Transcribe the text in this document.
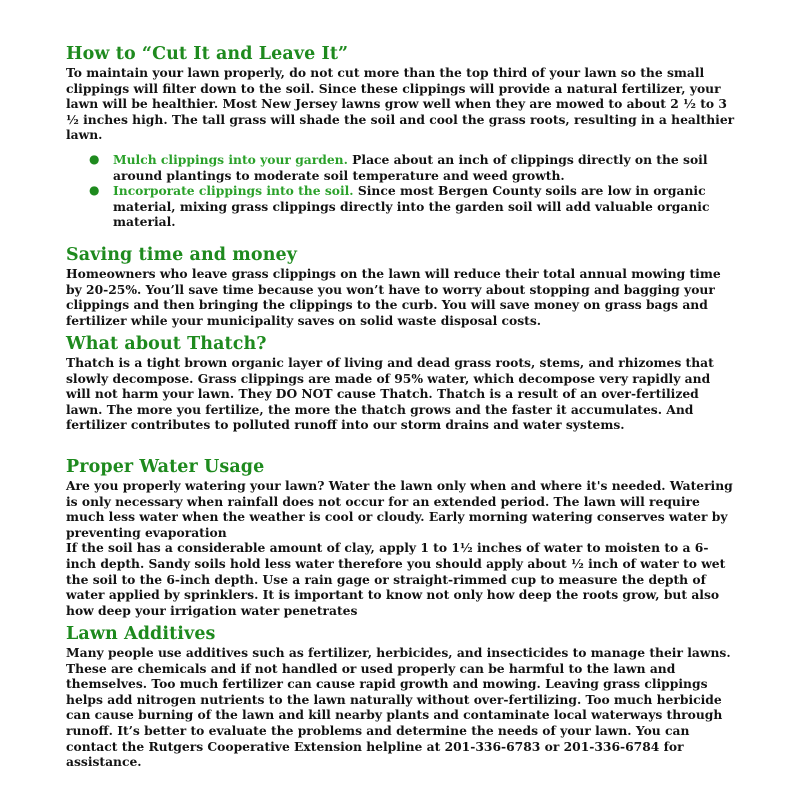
How to “Cut It and Leave It”

To maintain your lawn properly, do not cut more than the top third of your lawn so the small clippings will filter down to the soil. Since these clippings will provide a natural fertilizer, your lawn will be healthier. Most New Jersey lawns grow well when they are mowed to about 2 ½ to 3 ½ inches high. The tall grass will shade the soil and cool the grass roots, resulting in a healthier lawn.

● Mulch clippings into your garden. Place about an inch of clippings directly on the soil around plantings to moderate soil temperature and weed growth.
● Incorporate clippings into the soil. Since most Bergen County soils are low in organic material, mixing grass clippings directly into the garden soil will add valuable organic material.
Saving time and money

Homeowners who leave grass clippings on the lawn will reduce their total annual mowing time by 20-25%. You’ll save time because you won’t have to worry about stopping and bagging your clippings and then bringing the clippings to the curb. You will save money on grass bags and fertilizer while your municipality saves on solid waste disposal costs.

What about Thatch?

Thatch is a tight brown organic layer of living and dead grass roots, stems, and rhizomes that slowly decompose. Grass clippings are made of 95% water, which decompose very rapidly and will not harm your lawn. They DO NOT cause Thatch. Thatch is a result of an over-fertilized lawn. The more you fertilize, the more the thatch grows and the faster it accumulates. And fertilizer contributes to polluted runoff into our storm drains and water systems.

Proper Water Usage

Are you properly watering your lawn? Water the lawn only when and where it's needed. Watering is only necessary when rainfall does not occur for an extended period. The lawn will require much less water when the weather is cool or cloudy. Early morning watering conserves water by preventing evaporation

If the soil has a considerable amount of clay, apply 1 to 1½ inches of water to moisten to a 6-inch depth. Sandy soils hold less water therefore you should apply about ½ inch of water to wet the soil to the 6-inch depth. Use a rain gage or straight-rimmed cup to measure the depth of water applied by sprinklers. It is important to know not only how deep the roots grow, but also how deep your irrigation water penetrates

Lawn Additives

Many people use additives such as fertilizer, herbicides, and insecticides to manage their lawns. These are chemicals and if not handled or used properly can be harmful to the lawn and themselves. Too much fertilizer can cause rapid growth and mowing. Leaving grass clippings helps add nitrogen nutrients to the lawn naturally without over-fertilizing. Too much herbicide can cause burning of the lawn and kill nearby plants and contaminate local waterways through runoff. It’s better to evaluate the problems and determine the needs of your lawn. You can contact the Rutgers Cooperative Extension helpline at 201-336-6783 or 201-336-6784 for assistance.
